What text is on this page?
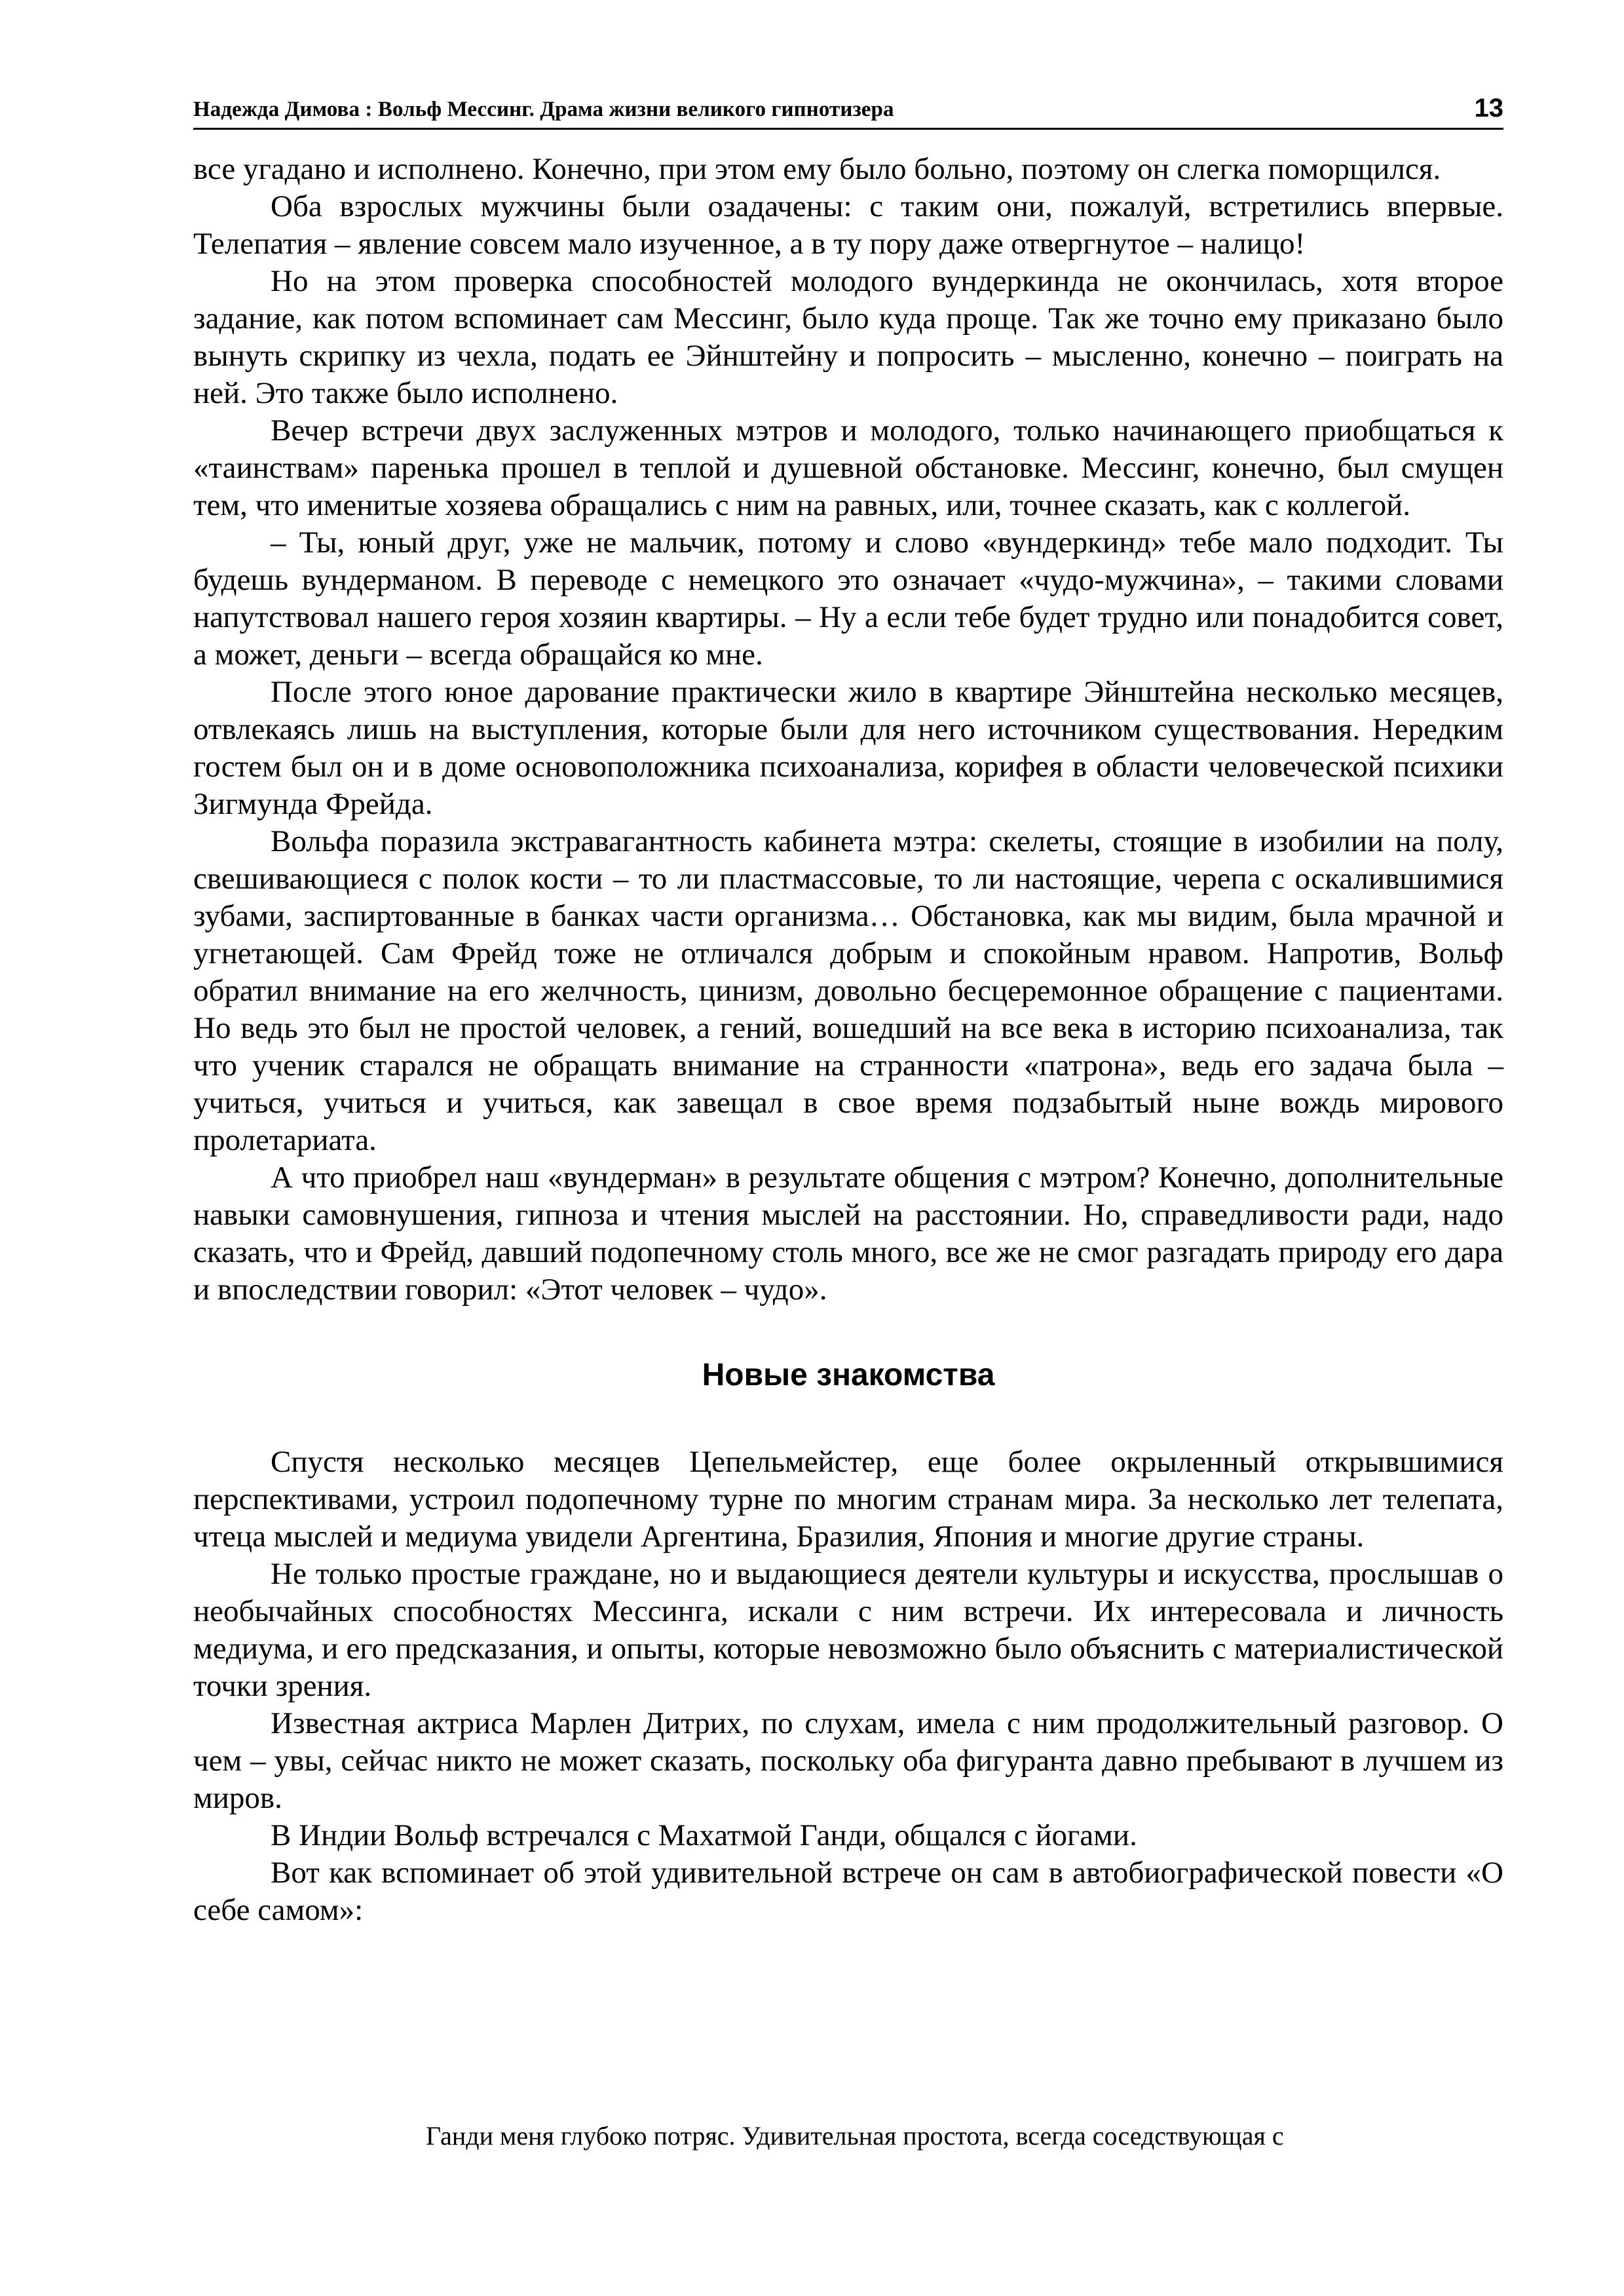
Надежда Димова : Вольф Мессинг. Драма жизни великого гипнотизера	13

все угадано и исполнено. Конечно, при этом ему было больно, поэтому он слегка поморщился.

Оба взрослых мужчины были озадачены: с таким они, пожалуй, встретились впервые. Телепатия – явление совсем мало изученное, а в ту пору даже отвергнутое – налицо!

Но на этом проверка способностей молодого вундеркинда не окончилась, хотя второе задание, как потом вспоминает сам Мессинг, было куда проще. Так же точно ему приказано было вынуть скрипку из чехла, подать ее Эйнштейну и попросить – мысленно, конечно – поиграть на ней. Это также было исполнено.

Вечер встречи двух заслуженных мэтров и молодого, только начинающего приобщаться к «таинствам» паренька прошел в теплой и душевной обстановке. Мессинг, конечно, был смущен тем, что именитые хозяева обращались с ним на равных, или, точнее сказать, как с коллегой.

– Ты, юный друг, уже не мальчик, потому и слово «вундеркинд» тебе мало подходит. Ты будешь вундерманом. В переводе с немецкого это означает «чудо-мужчина», – такими словами напутствовал нашего героя хозяин квартиры. – Ну а если тебе будет трудно или понадобится совет, а может, деньги – всегда обращайся ко мне.

После этого юное дарование практически жило в квартире Эйнштейна несколько месяцев, отвлекаясь лишь на выступления, которые были для него источником существования. Нередким гостем был он и в доме основоположника психоанализа, корифея в области человеческой психики Зигмунда Фрейда.

Вольфа поразила экстравагантность кабинета мэтра: скелеты, стоящие в изобилии на полу, свешивающиеся с полок кости – то ли пластмассовые, то ли настоящие, черепа с оскалившимися зубами, заспиртованные в банках части организма… Обстановка, как мы видим, была мрачной и угнетающей. Сам Фрейд тоже не отличался добрым и спокойным нравом. Напротив, Вольф обратил внимание на его желчность, цинизм, довольно бесцеремонное обращение с пациентами. Но ведь это был не простой человек, а гений, вошедший на все века в историю психоанализа, так что ученик старался не обращать внимание на странности «патрона», ведь его задача была – учиться, учиться и учиться, как завещал в свое время подзабытый ныне вождь мирового пролетариата.

А что приобрел наш «вундерман» в результате общения с мэтром? Конечно, дополнительные навыки самовнушения, гипноза и чтения мыслей на расстоянии. Но, справедливости ради, надо сказать, что и Фрейд, давший подопечному столь много, все же не смог разгадать природу его дара и впоследствии говорил: «Этот человек – чудо».

Новые знакомства

Спустя несколько месяцев Цепельмейстер, еще более окрыленный открывшимися перспективами, устроил подопечному турне по многим странам мира. За несколько лет телепата, чтеца мыслей и медиума увидели Аргентина, Бразилия, Япония и многие другие страны.

Не только простые граждане, но и выдающиеся деятели культуры и искусства, прослышав о необычайных способностях Мессинга, искали с ним встречи. Их интересовала и личность медиума, и его предсказания, и опыты, которые невозможно было объяснить с материалистической точки зрения.

Известная актриса Марлен Дитрих, по слухам, имела с ним продолжительный разговор. О чем – увы, сейчас никто не может сказать, поскольку оба фигуранта давно пребывают в лучшем из миров.

В Индии Вольф встречался с Махатмой Ганди, общался с йогами.

Вот как вспоминает об этой удивительной встрече он сам в автобиографической повести «О себе самом»:

Ганди меня глубоко потряс. Удивительная простота, всегда соседствующая с
